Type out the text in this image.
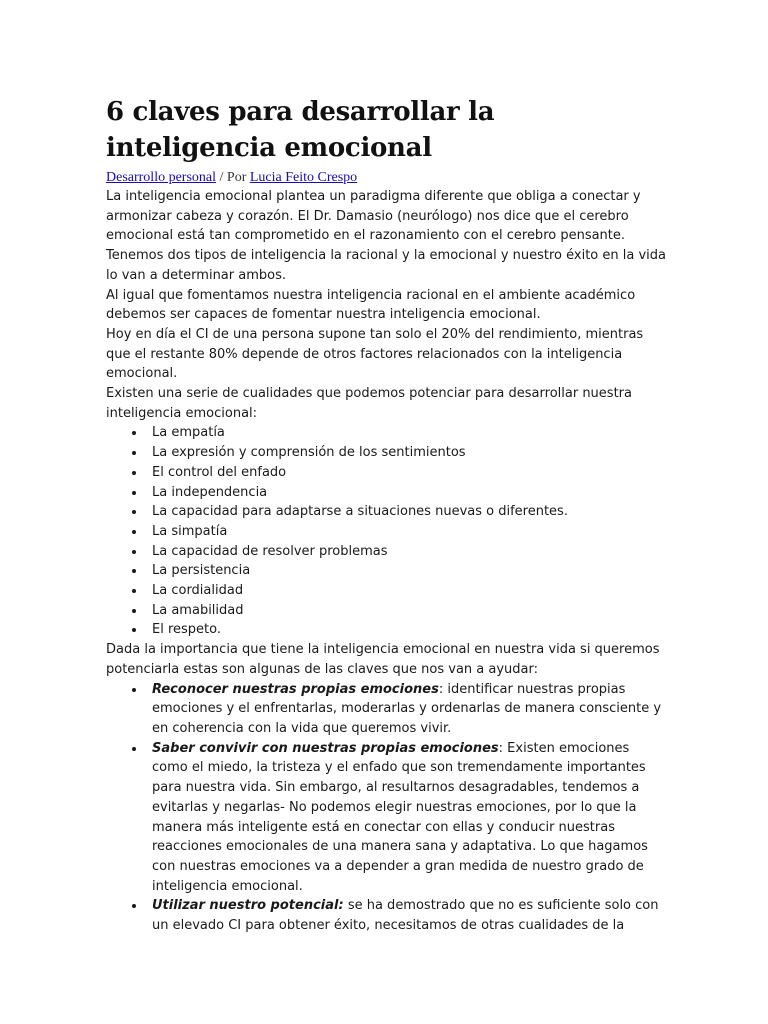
6 claves para desarrollar la inteligencia emocional

Desarrollo personal / Por Lucia Feito Crespo

La inteligencia emocional plantea un paradigma diferente que obliga a conectar y armonizar cabeza y corazón. El Dr. Damasio (neurólogo) nos dice que el cerebro emocional está tan comprometido en el razonamiento con el cerebro pensante.

Tenemos dos tipos de inteligencia la racional y la emocional y nuestro éxito en la vida lo van a determinar ambos.

Al igual que fomentamos nuestra inteligencia racional en el ambiente académico debemos ser capaces de fomentar nuestra inteligencia emocional.

Hoy en día el CI de una persona supone tan solo el 20% del rendimiento, mientras que el restante 80% depende de otros factores relacionados con la inteligencia emocional.

Existen una serie de cualidades que podemos potenciar para desarrollar nuestra inteligencia emocional:

La empatía
La expresión y comprensión de los sentimientos
El control del enfado
La independencia
La capacidad para adaptarse a situaciones nuevas o diferentes.
La simpatía
La capacidad de resolver problemas
La persistencia
La cordialidad
La amabilidad
El respeto.

Dada la importancia que tiene la inteligencia emocional en nuestra vida si queremos potenciarla estas son algunas de las claves que nos van a ayudar:

Reconocer nuestras propias emociones: identificar nuestras propias emociones y el enfrentarlas, moderarlas y ordenarlas de manera consciente y en coherencia con la vida que queremos vivir.
Saber convivir con nuestras propias emociones: Existen emociones como el miedo, la tristeza y el enfado que son tremendamente importantes para nuestra vida. Sin embargo, al resultarnos desagradables, tendemos a evitarlas y negarlas- No podemos elegir nuestras emociones, por lo que la manera más inteligente está en conectar con ellas y conducir nuestras reacciones emocionales de una manera sana y adaptativa. Lo que hagamos con nuestras emociones va a depender a gran medida de nuestro grado de inteligencia emocional.
Utilizar nuestro potencial: se ha demostrado que no es suficiente solo con un elevado CI para obtener éxito, necesitamos de otras cualidades de la
